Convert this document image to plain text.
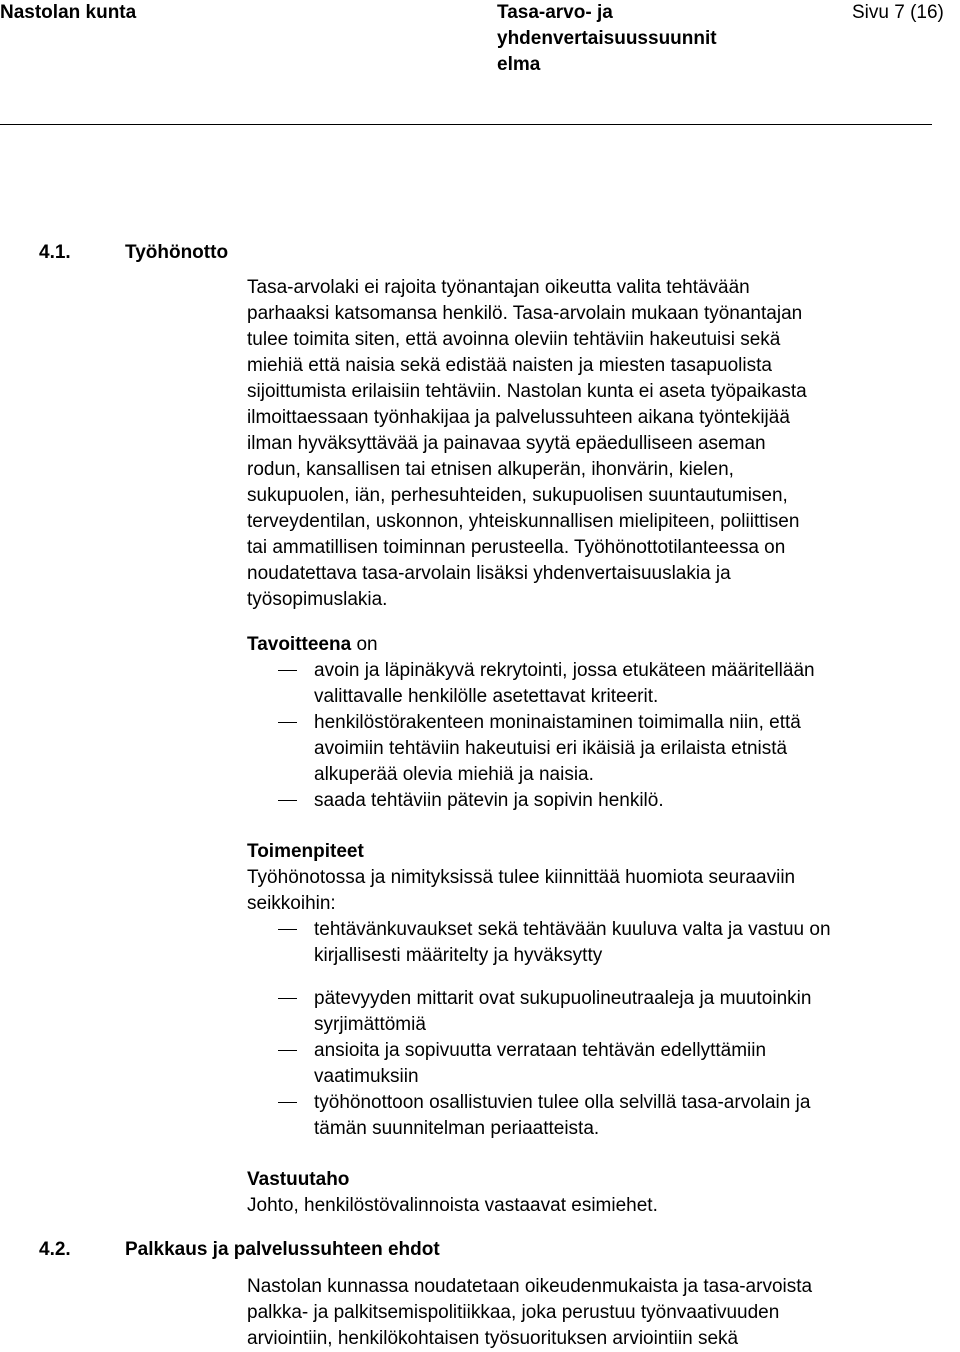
Nastolan kunta	Tasa-arvo- ja
yhdenvertaisuussuunnit
elma
Sivu 7 (16)
4.1.	Työhönotto
Tasa-arvolaki ei rajoita työnantajan oikeutta valita tehtävään
parhaaksi katsomansa henkilö. Tasa-arvolain mukaan työnantajan
tulee toimita siten, että avoinna oleviin tehtäviin hakeutuisi sekä
miehiä että naisia sekä edistää naisten ja miesten tasapuolista
sijoittumista erilaisiin tehtäviin. Nastolan kunta ei aseta työpaikasta
ilmoittaessaan työnhakijaa ja palvelussuhteen aikana työntekijää
ilman hyväksyttävää ja painavaa syytä epäedulliseen aseman
rodun, kansallisen tai etnisen alkuperän, ihonvärin, kielen,
sukupuolen, iän, perhesuhteiden, sukupuolisen suuntautumisen,
terveydentilan, uskonnon, yhteiskunnallisen mielipiteen, poliittisen
tai ammatillisen toiminnan perusteella. Työhönottotilanteessa on
noudatettava tasa-arvolain lisäksi yhdenvertaisuuslakia ja
työsopimuslakia.

Tavoitteena on

avoin ja läpinäkyvä rekrytointi, jossa etukäteen määritellään
valittavalle henkilölle asetettavat kriteerit.
henkilöstörakenteen moninaistaminen toimimalla niin, että
avoimiin tehtäviin hakeutuisi eri ikäisiä ja erilaista etnistä
alkuperää olevia miehiä ja naisia.
saada tehtäviin pätevin ja sopivin henkilö.

Toimenpiteet

Työhönotossa ja nimityksissä tulee kiinnittää huomiota seuraaviin
seikkoihin:

tehtävänkuvaukset sekä tehtävään kuuluva valta ja vastuu on
kirjallisesti määritelty ja hyväksytty
pätevyyden mittarit ovat sukupuolineutraaleja ja muutoinkin
syrjimättömiä
ansioita ja sopivuutta verrataan tehtävän edellyttämiin
vaatimuksiin
työhönottoon osallistuvien tulee olla selvillä tasa-arvolain ja
tämän suunnitelman periaatteista.

Vastuutaho

Johto, henkilöstövalinnoista vastaavat esimiehet.

4.2.	Palkkaus ja palvelussuhteen ehdot
Nastolan kunnassa noudatetaan oikeudenmukaista ja tasa-arvoista
palkka- ja palkitsemispolitiikkaa, joka perustuu työnvaativuuden
arviointiin, henkilökohtaisen työsuorituksen arviointiin sekä
